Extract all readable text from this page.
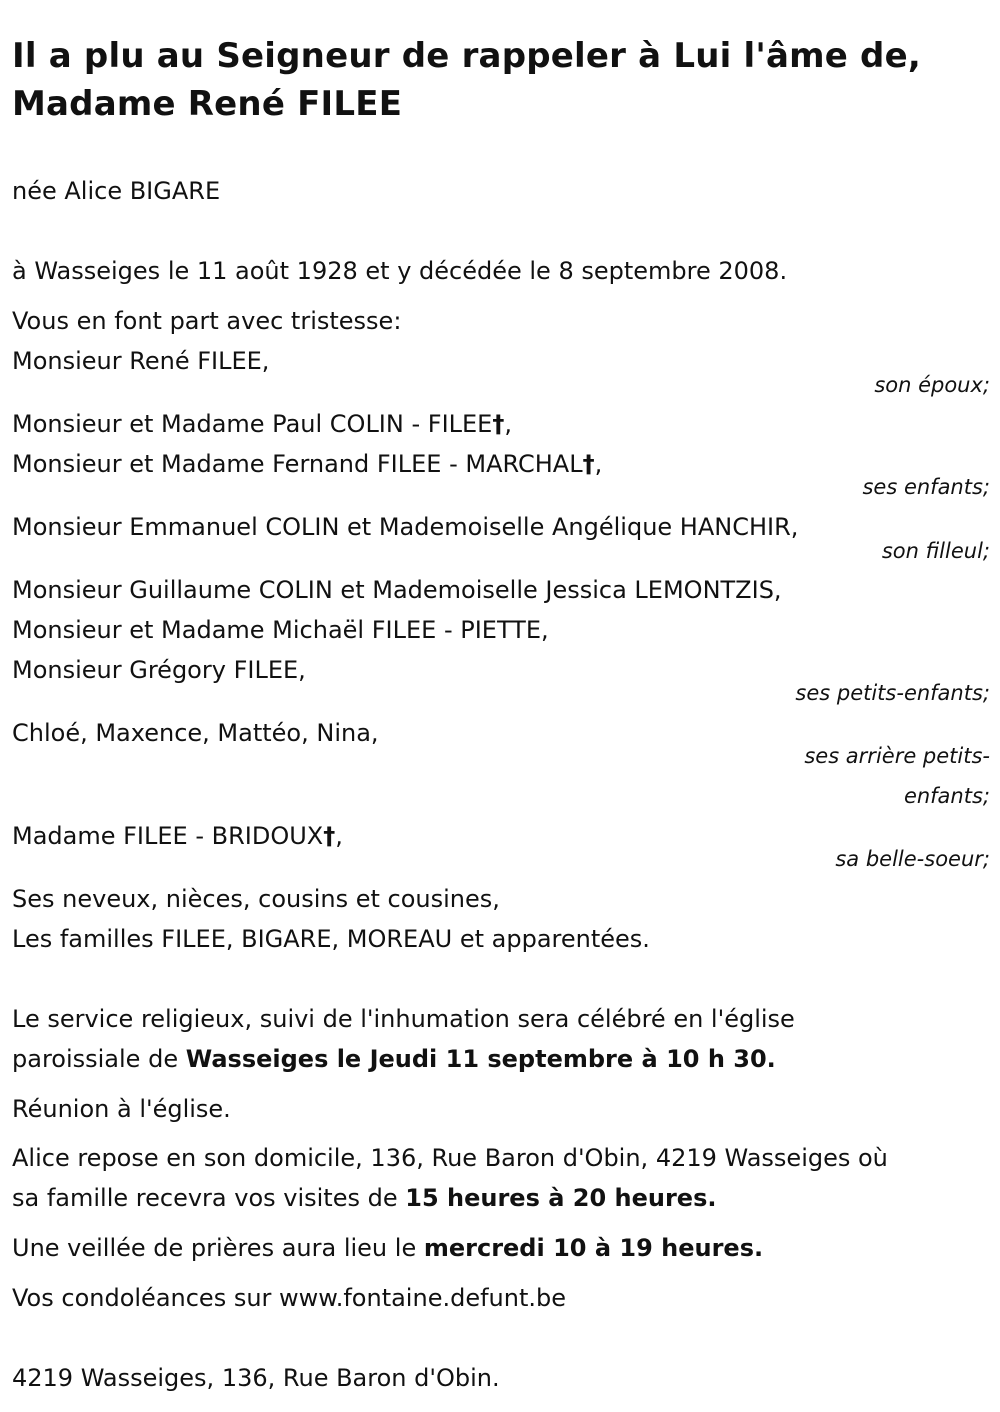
Il a plu au Seigneur de rappeler à Lui l'âme de,
Madame René FILEE

née Alice BIGARE

à Wasseiges le 11 août 1928 et y décédée le 8 septembre 2008.

Vous en font part avec tristesse:

Monsieur René FILEE,

son époux;

Monsieur et Madame Paul COLIN - FILEE†,

Monsieur et Madame Fernand FILEE - MARCHAL†,

ses enfants;

Monsieur Emmanuel COLIN et Mademoiselle Angélique HANCHIR,

son filleul;

Monsieur Guillaume COLIN et Mademoiselle Jessica LEMONTZIS,

Monsieur et Madame Michaël FILEE - PIETTE,

Monsieur Grégory FILEE,

ses petits-enfants;

Chloé, Maxence, Mattéo, Nina,

ses arrière petits-
enfants;

Madame FILEE - BRIDOUX†,

sa belle-soeur;

Ses neveux, nièces, cousins et cousines,

Les familles FILEE, BIGARE, MOREAU et apparentées.

Le service religieux, suivi de l'inhumation sera célébré en l'église

paroissiale de Wasseiges le Jeudi 11 septembre à 10 h 30.

Réunion à l'église.

Alice repose en son domicile, 136, Rue Baron d'Obin, 4219 Wasseiges où

sa famille recevra vos visites de 15 heures à 20 heures.

Une veillée de prières aura lieu le mercredi 10 à 19 heures.

Vos condoléances sur www.fontaine.defunt.be

4219 Wasseiges, 136, Rue Baron d'Obin.
